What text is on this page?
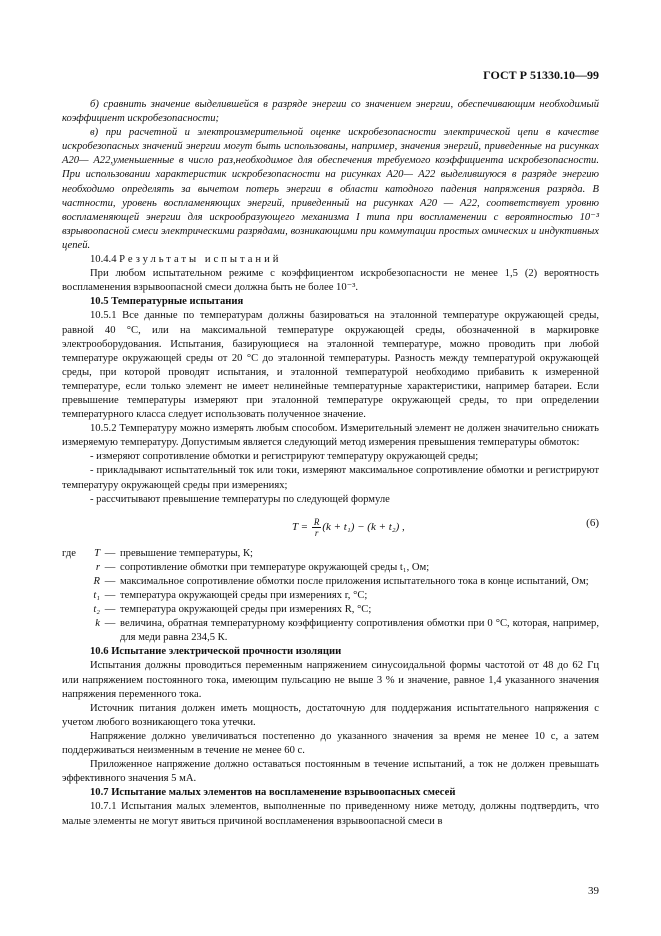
ГОСТ Р 51330.10—99

б) сравнить значение выделившейся в разряде энергии со значением энергии, обеспечивающим необходимый коэффициент искробезопасности;

в) при расчетной и электроизмерительной оценке искробезопасности электрической цепи в качестве искробезопасных значений энергии могут быть использованы, например, значения энергий, приведенные на рисунках А20— А22,уменьшенные в число раз,необходимое для обеспечения требуемого коэффициента искробезопасности. При использовании характеристик искробезопасности на рисунках А20— А22 выделившуюся в разряде энергию необходимо определять за вычетом потерь энергии в области катодного падения напряжения разряда. В частности, уровень воспламеняющих энергий, приведенный на рисунках А20 — А22, соответствует уровню воспламеняющей энергии для искрообразующего механизма I типа при воспламенении с вероятностью 10⁻³ взрывоопасной смеси электрическими разрядами, возникающими при коммутации простых омических и индуктивных цепей.

10.4.4 Результаты испытаний

При любом испытательном режиме с коэффициентом искробезопасности не менее 1,5 (2) вероятность воспламенения взрывоопасной смеси должна быть не более 10⁻³.

10.5 Температурные испытания

10.5.1 Все данные по температурам должны базироваться на эталонной температуре окружающей среды, равной 40 °С, или на максимальной температуре окружающей среды, обозначенной в маркировке электрооборудования. Испытания, базирующиеся на эталонной температуре, можно проводить при любой температуре окружающей среды от 20 °С до эталонной температуры. Разность между температурой окружающей среды, при которой проводят испытания, и эталонной температурой необходимо прибавить к измеренной температуре, если только элемент не имеет нелинейные температурные характеристики, например батареи. Если превышение температуры измеряют при эталонной температуре окружающей среды, то при определении температурного класса следует использовать полученное значение.

10.5.2 Температуру можно измерять любым способом. Измерительный элемент не должен значительно снижать измеряемую температуру. Допустимым является следующий метод измерения превышения температуры обмоток:

- измеряют сопротивление обмотки и регистрируют температуру окружающей среды;

- прикладывают испытательный ток или токи, измеряют максимальное сопротивление обмотки и регистрируют температуру окружающей среды при измерениях;

- рассчитывают превышение температуры по следующей формуле

$T = \frac{R}{r} (k + t_1) - (k + t_2)$ ,	(6)
где	T — превышение температуры, К;
r — сопротивление обмотки при температуре окружающей среды t₁, Ом;
R — максимальное сопротивление обмотки после приложения испытательного тока в конце испытаний, Ом;
t₁ — температура окружающей среды при измерениях r, °С;
t₂ — температура окружающей среды при измерениях R, °С;
k — величина, обратная температурному коэффициенту сопротивления обмотки при 0 °С, которая, например, для меди равна 234,5 К.

10.6 Испытание электрической прочности изоляции

Испытания должны проводиться переменным напряжением синусоидальной формы частотой от 48 до 62 Гц или напряжением постоянного тока, имеющим пульсацию не выше 3 % и значение, равное 1,4 указанного значения напряжения переменного тока.

Источник питания должен иметь мощность, достаточную для поддержания испытательного напряжения с учетом любого возникающего тока утечки.

Напряжение должно увеличиваться постепенно до указанного значения за время не менее 10 с, а затем поддерживаться неизменным в течение не менее 60 с.

Приложенное напряжение должно оставаться постоянным в течение испытаний, а ток не должен превышать эффективного значения 5 мА.

10.7 Испытание малых элементов на воспламенение взрывоопасных смесей

10.7.1 Испытания малых элементов, выполненные по приведенному ниже методу, должны подтвердить, что малые элементы не могут явиться причиной воспламенения взрывоопасной смеси в

39
